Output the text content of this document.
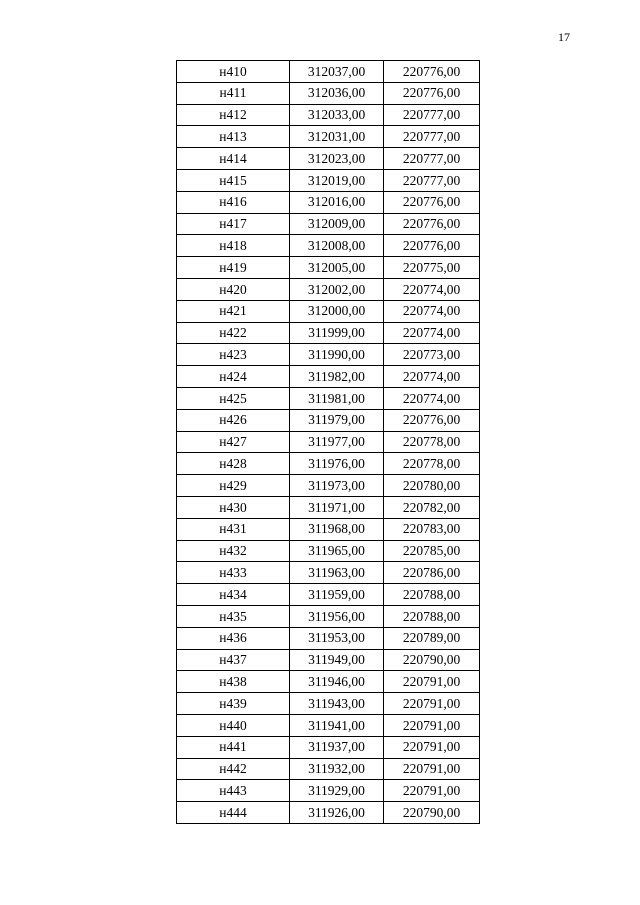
17
н410	312037,00	220776,00
н411	312036,00	220776,00
н412	312033,00	220777,00
н413	312031,00	220777,00
н414	312023,00	220777,00
н415	312019,00	220777,00
н416	312016,00	220776,00
н417	312009,00	220776,00
н418	312008,00	220776,00
н419	312005,00	220775,00
н420	312002,00	220774,00
н421	312000,00	220774,00
н422	311999,00	220774,00
н423	311990,00	220773,00
н424	311982,00	220774,00
н425	311981,00	220774,00
н426	311979,00	220776,00
н427	311977,00	220778,00
н428	311976,00	220778,00
н429	311973,00	220780,00
н430	311971,00	220782,00
н431	311968,00	220783,00
н432	311965,00	220785,00
н433	311963,00	220786,00
н434	311959,00	220788,00
н435	311956,00	220788,00
н436	311953,00	220789,00
н437	311949,00	220790,00
н438	311946,00	220791,00
н439	311943,00	220791,00
н440	311941,00	220791,00
н441	311937,00	220791,00
н442	311932,00	220791,00
н443	311929,00	220791,00
н444	311926,00	220790,00
